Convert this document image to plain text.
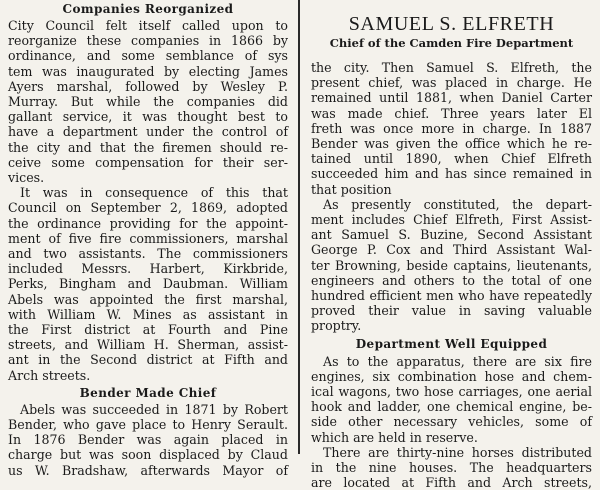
Companies Reorganized
City Council felt itself called upon to
reorganize these companies in 1866 by
ordinance, and some semblance of sys
tem was inaugurated by electing James
Ayers marshal, followed by Wesley P.
Murray. But while the companies did
gallant service, it was thought best to
have a department under the control of
the city and that the firemen should re-
ceive some compensation for their ser-
vices.
It was in consequence of this that
Council on September 2, 1869, adopted
the ordinance providing for the appoint-
ment of five fire commissioners, marshal
and two assistants. The commissioners
included Messrs. Harbert, Kirkbride,
Perks, Bingham and Daubman. William
Abels was appointed the first marshal,
with William W. Mines as assistant in
the First district at Fourth and Pine
streets, and William H. Sherman, assist-
ant in the Second district at Fifth and
Arch streets.
Bender Made Chief
Abels was succeeded in 1871 by Robert
Bender, who gave place to Henry Serault.
In 1876 Bender was again placed in
charge but was soon displaced by Claud
us W. Bradshaw, afterwards Mayor of
SAMUEL S. ELFRETH
Chief of the Camden Fire Department
the city. Then Samuel S. Elfreth, the
present chief, was placed in charge. He
remained until 1881, when Daniel Carter
was made chief. Three years later El
freth was once more in charge. In 1887
Bender was given the office which he re-
tained until 1890, when Chief Elfreth
succeeded him and has since remained in
that position
As presently constituted, the depart-
ment includes Chief Elfreth, First Assist-
ant Samuel S. Buzine, Second Assistant
George P. Cox and Third Assistant Wal-
ter Browning, beside captains, lieutenants,
engineers and others to the total of one
hundred efficient men who have repeatedly
proved their value in saving valuable
proptry.
Department Well Equipped
As to the apparatus, there are six fire
engines, six combination hose and chem-
ical wagons, two hose carriages, one aerial
hook and ladder, one chemical engine, be-
side other necessary vehicles, some of
which are held in reserve.
There are thirty-nine horses distributed
in the nine houses. The headquarters
are located at Fifth and Arch streets,
